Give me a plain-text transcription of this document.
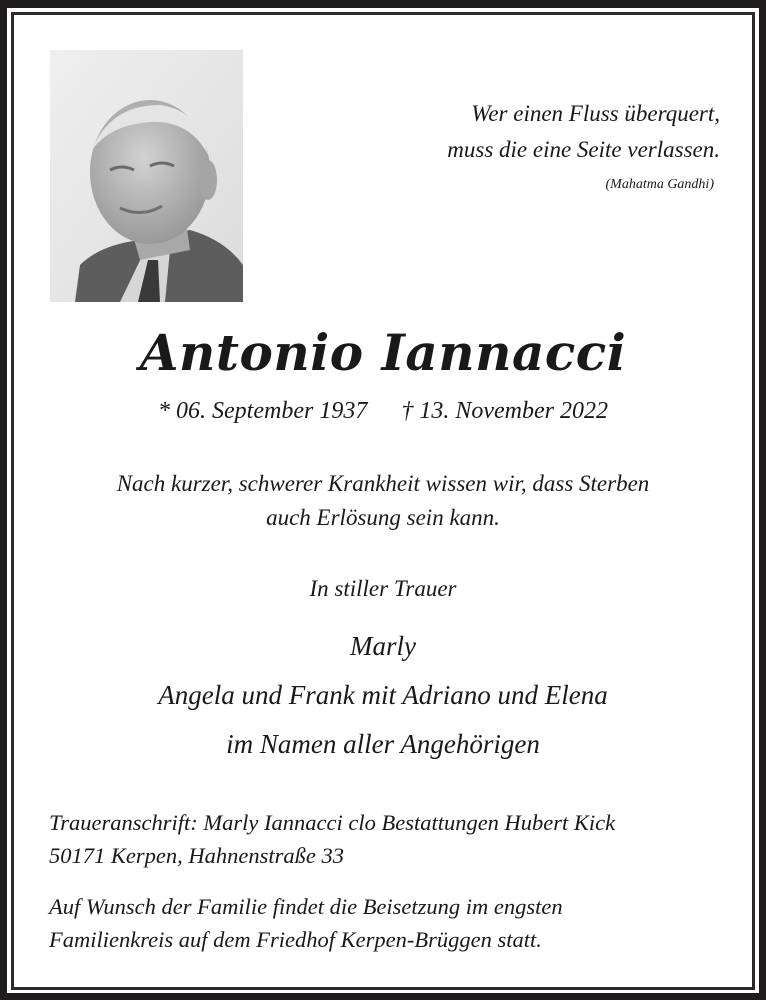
Wer einen Fluss überquert,
muss die eine Seite verlassen.
(Mahatma Gandhi)
Antonio Iannacci
* 06. September 1937 † 13. November 2022
Nach kurzer, schwerer Krankheit wissen wir, dass Sterben
auch Erlösung sein kann.
In stiller Trauer
Marly
Angela und Frank mit Adriano und Elena
im Namen aller Angehörigen
Traueranschrift: Marly Iannacci clo Bestattungen Hubert Kick
50171 Kerpen, Hahnenstraße 33
Auf Wunsch der Familie findet die Beisetzung im engsten
Familienkreis auf dem Friedhof Kerpen-Brüggen statt.
